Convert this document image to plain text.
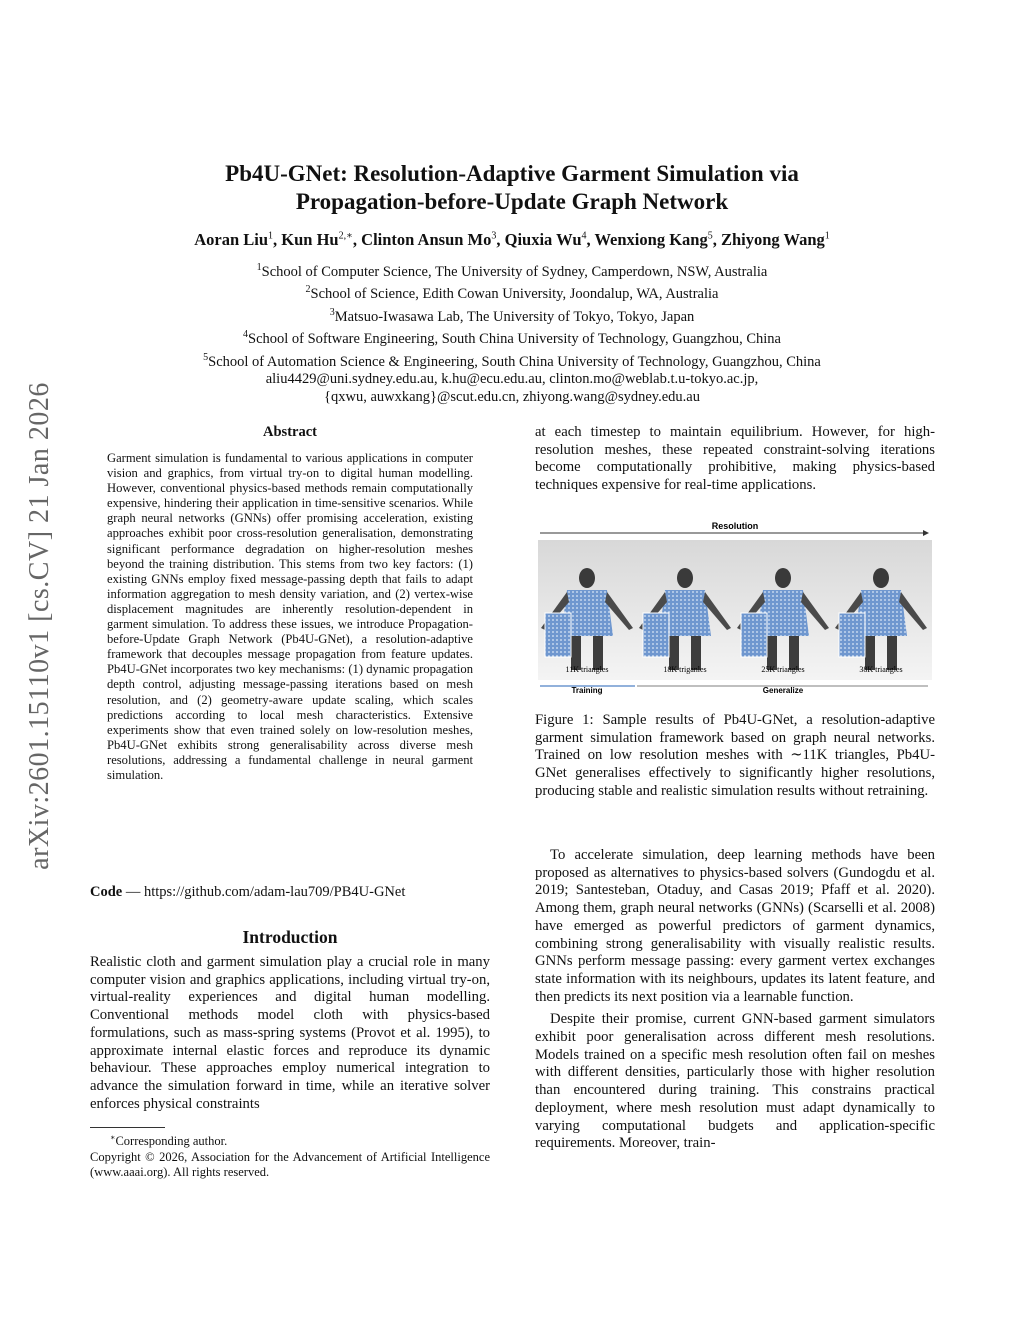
arXiv:2601.15110v1 [cs.CV] 21 Jan 2026
Pb4U-GNet: Resolution-Adaptive Garment Simulation via
Propagation-before-Update Graph Network
Aoran Liu$^1$, Kun $Hu^{2,∗}$, Clinton Ansun Mo$^3$, Qiuxia Wu$^4$, Wenxiong Kang$^5$, Zhiyong Wang$^1$
$^1$School of Computer Science, The University of Sydney, Camperdown, NSW, Australia
$^2$School of Science, Edith Cowan University, Joondalup, WA, Australia
$^3$Matsuo-Iwasawa Lab, The University of Tokyo, Tokyo, Japan
$^4$School of Software Engineering, South China University of Technology, Guangzhou, China
$^5$School of Automation Science & Engineering, South China University of Technology, Guangzhou, China
aliu4429@uni.sydney.edu.au, k.hu@ecu.edu.au, clinton.mo@weblab.t.u-tokyo.ac.jp,
{qxwu, auwxkang}@scut.edu.cn, zhiyong.wang@sydney.edu.au
Abstract
Garment simulation is fundamental to various applications in computer vision and graphics, from virtual try-on to digital human modelling. However, conventional physics-based methods remain computationally expensive, hindering their application in time-sensitive scenarios. While graph neural networks (GNNs) offer promising acceleration, existing approaches exhibit poor cross-resolution generalisation, demonstrating significant performance degradation on higher-resolution meshes beyond the training distribution. This stems from two key factors: (1) existing GNNs employ fixed message-passing depth that fails to adapt information aggregation to mesh density variation, and (2) vertex-wise displacement magnitudes are inherently resolution-dependent in garment simulation. To address these issues, we introduce Propagation-before-Update Graph Network (Pb4U-GNet), a resolution-adaptive framework that decouples message propagation from feature updates. Pb4U-GNet incorporates two key mechanisms: (1) dynamic propagation depth control, adjusting message-passing iterations based on mesh resolution, and (2) geometry-aware update scaling, which scales predictions according to local mesh characteristics. Extensive experiments show that even trained solely on low-resolution meshes, Pb4U-GNet exhibits strong generalisability across diverse mesh resolutions, addressing a fundamental challenge in neural garment simulation.
Code — https://github.com/adam-lau709/PB4U-GNet
Introduction
Realistic cloth and garment simulation play a crucial role in many computer vision and graphics applications, including virtual try-on, virtual-reality experiences and digital human modelling. Conventional methods model cloth with physics-based formulations, such as mass-spring systems (Provot et al. 1995), to approximate internal elastic forces and reproduce its dynamic behaviour. These approaches employ numerical integration to advance the simulation forward in time, while an iterative solver enforces physical constraints
∗Corresponding author.
Copyright © 2026, Association for the Advancement of Artificial Intelligence (www.aaai.org). All rights reserved.
at each timestep to maintain equilibrium. However, for high-resolution meshes, these repeated constraint-solving iterations become computationally prohibitive, making physics-based techniques expensive for real-time applications.
Resolution
11K triangles	18K triganles	25K triangles	38K triangles
Training	Generalize
Figure 1: Sample results of Pb4U-GNet, a resolution-adaptive garment simulation framework based on graph neural networks. Trained on low resolution meshes with ∼11K triangles, Pb4U-GNet generalises effectively to significantly higher resolutions, producing stable and realistic simulation results without retraining.

To accelerate simulation, deep learning methods have been proposed as alternatives to physics-based solvers (Gundogdu et al. 2019; Santesteban, Otaduy, and Casas 2019; Pfaff et al. 2020). Among them, graph neural networks (GNNs) (Scarselli et al. 2008) have emerged as powerful predictors of garment dynamics, combining strong generalisability with visually realistic results. GNNs perform message passing: every garment vertex exchanges state information with its neighbours, updates its latent feature, and then predicts its next position via a learnable function.

Despite their promise, current GNN-based garment simulators exhibit poor generalisation across different mesh resolutions. Models trained on a specific mesh resolution often fail on meshes with different densities, particularly those with higher resolution than encountered during training. This constrains practical deployment, where mesh resolution must adapt dynamically to varying computational budgets and application-specific requirements. Moreover, train-
